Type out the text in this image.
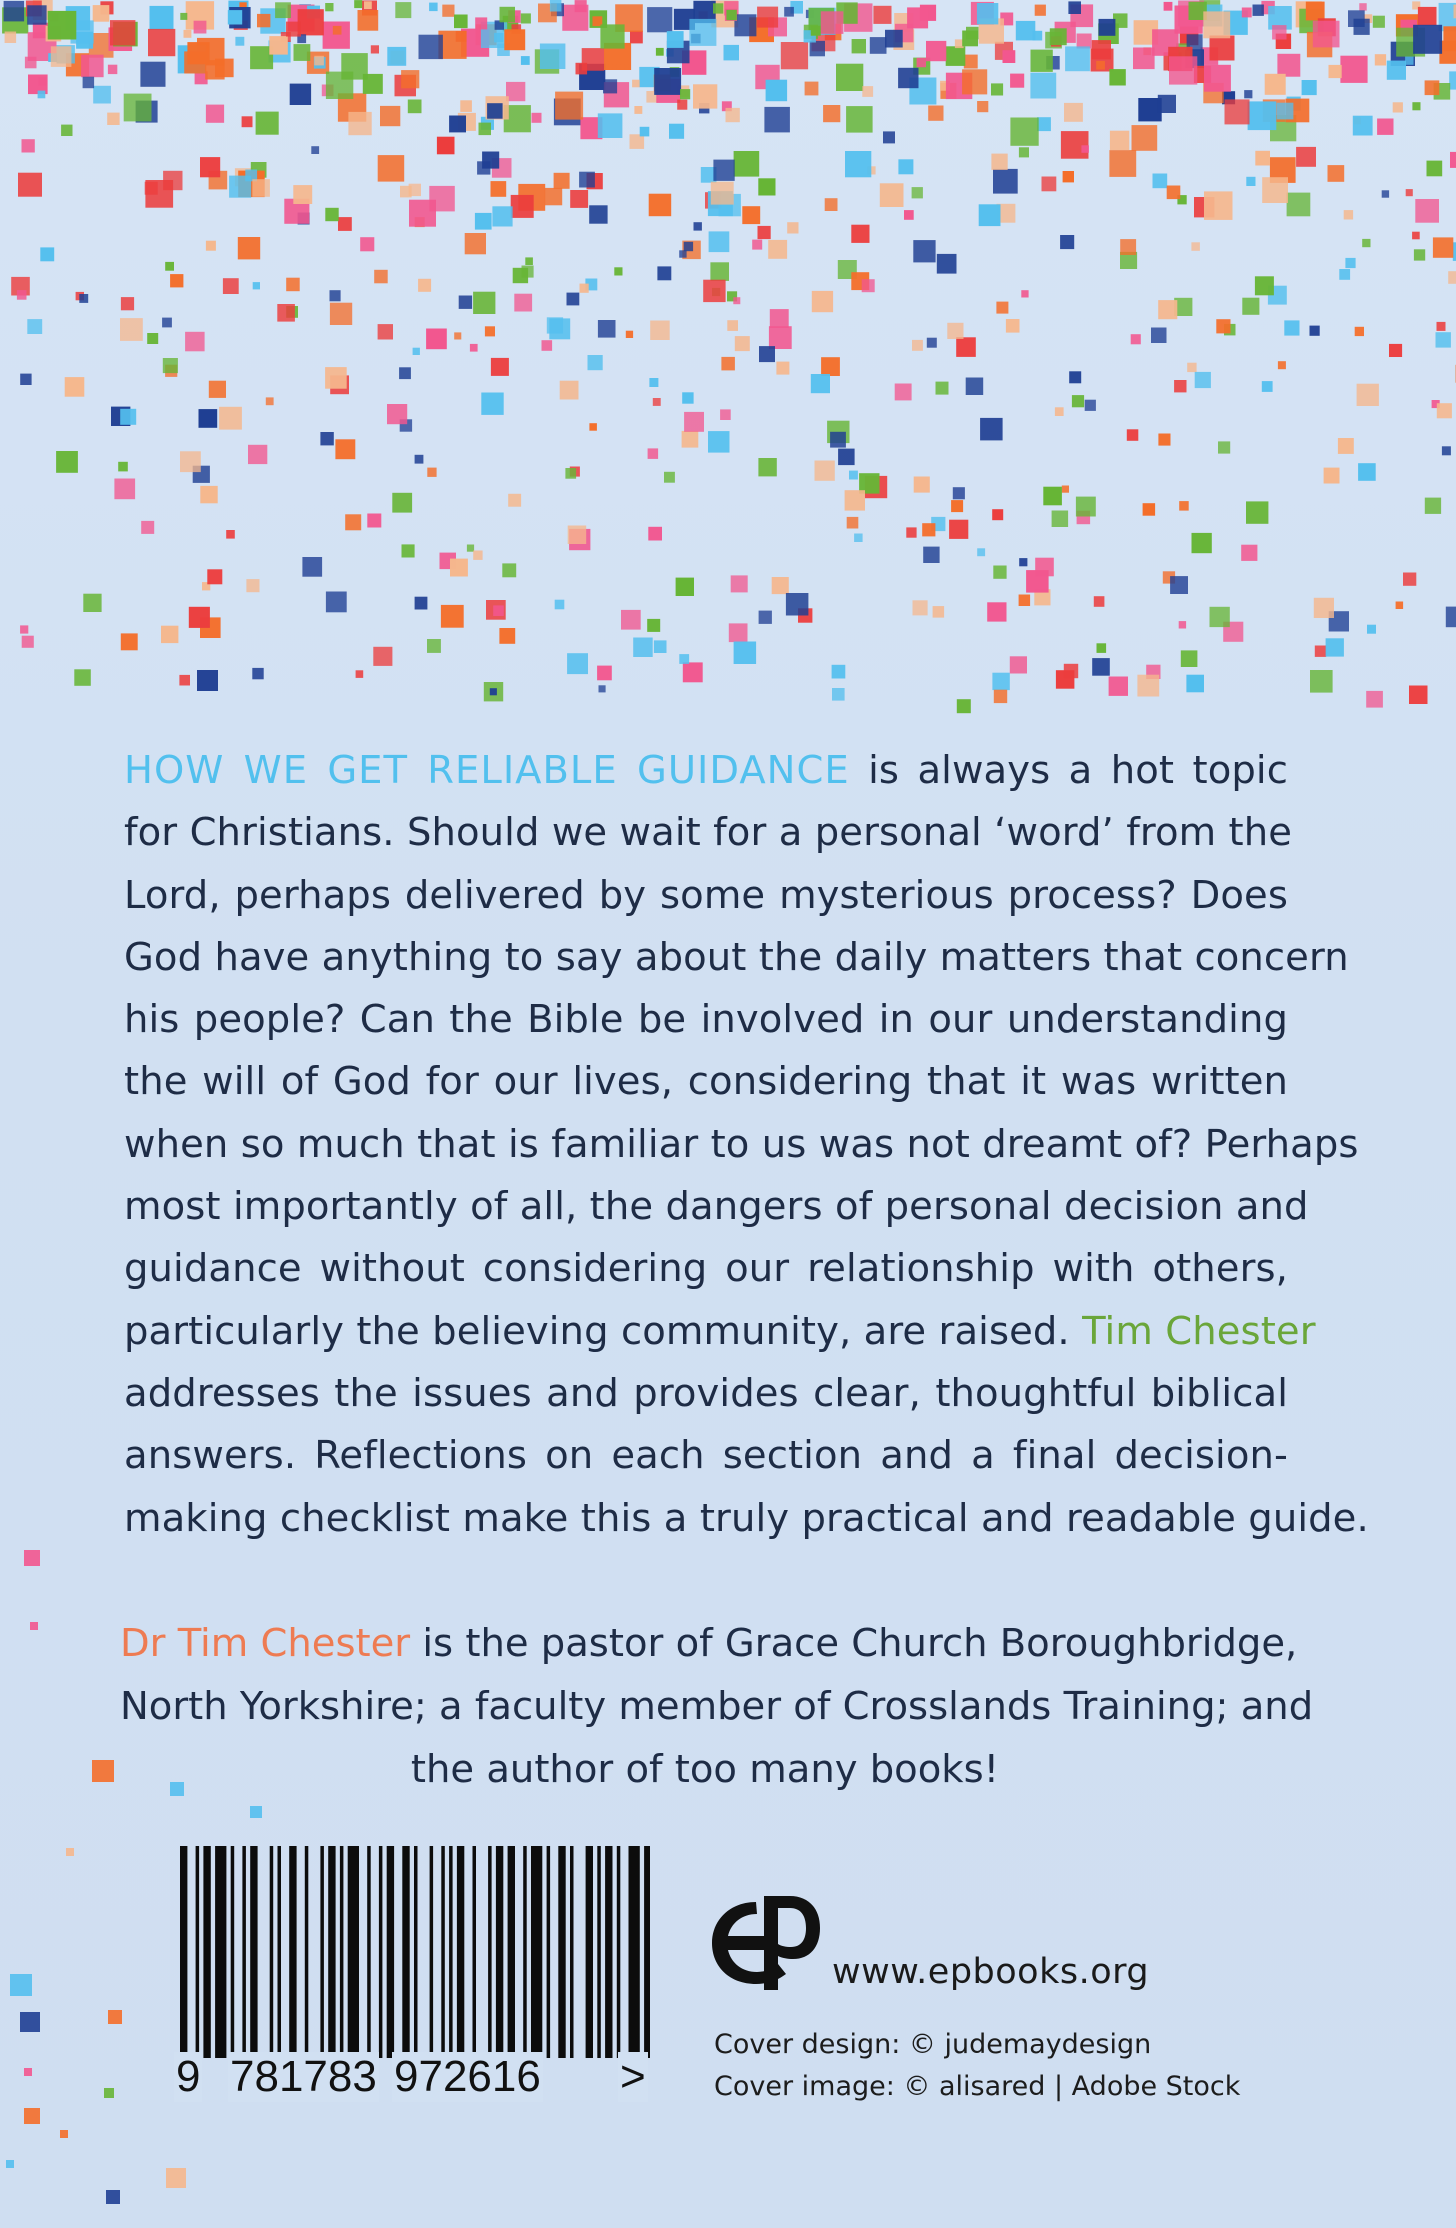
HOW WE GET RELIABLE GUIDANCE is always a hot topic
for Christians. Should we wait for a personal ‘word’ from the
Lord, perhaps delivered by some mysterious process? Does
God have anything to say about the daily matters that concern
his people? Can the Bible be involved in our understanding
the will of God for our lives, considering that it was written
when so much that is familiar to us was not dreamt of? Perhaps
most importantly of all, the dangers of personal decision and
guidance without considering our relationship with others,
particularly the believing community, are raised. Tim Chester
addresses the issues and provides clear, thoughtful biblical
answers. Reflections on each section and a final decision-
making checklist make this a truly practical and readable guide.
Dr Tim Chester is the pastor of Grace Church Boroughbridge,
North Yorkshire; a faculty member of Crosslands Training; and
the author of too many books!
9 781783 972616 >
www.epbooks.org
Cover design: © judemaydesign
Cover image: © alisared | Adobe Stock
